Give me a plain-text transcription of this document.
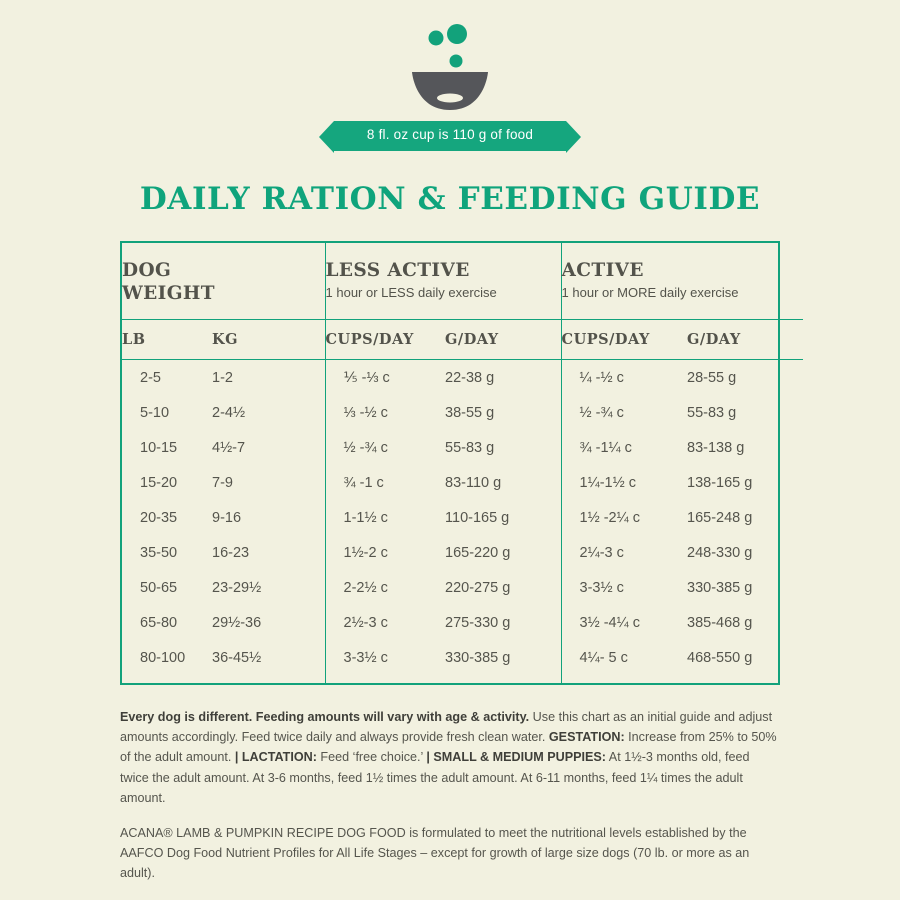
8 fl. oz cup is 110 g of food
DAILY RATION & FEEDING GUIDE
DOG
WEIGHT

LESS ACTIVE
1 hour or LESS daily exercise

ACTIVE
1 hour or MORE daily exercise

LB	KG	CUPS/DAY	G/DAY	CUPS/DAY	G/DAY
2-5	1-2	⅕ -⅓ c	22-38 g	¼ -½ c	28-55 g
5-10	2-4½	⅓ -½ c	38-55 g	½ -¾ c	55-83 g
10-15	4½-7	½ -¾ c	55-83 g	¾ -1¼ c	83-138 g
15-20	7-9	¾ -1 c	83-110 g	1¼-1½ c	138-165 g
20-35	9-16	1-1½ c	110-165 g	1½ -2¼ c	165-248 g
35-50	16-23	1½-2 c	165-220 g	2¼-3 c	248-330 g
50-65	23-29½	2-2½ c	220-275 g	3-3½ c	330-385 g
65-80	29½-36	2½-3 c	275-330 g	3½ -4¼ c	385-468 g
80-100	36-45½	3-3½ c	330-385 g	4¼- 5 c	468-550 g

Every dog is different. Feeding amounts will vary with age & activity. Use this chart as an initial guide and adjust amounts accordingly. Feed twice daily and always provide fresh clean water. GESTATION: Increase from 25% to 50% of the adult amount. | LACTATION: Feed ‘free choice.’ | SMALL & MEDIUM PUPPIES: At 1½-3 months old, feed twice the adult amount. At 3-6 months, feed 1½ times the adult amount. At 6-11 months, feed 1¼ times the adult amount.

ACANA® LAMB & PUMPKIN RECIPE DOG FOOD is formulated to meet the nutritional levels established by the AAFCO Dog Food Nutrient Profiles for All Life Stages – except for growth of large size dogs (70 lb. or more as an adult).
